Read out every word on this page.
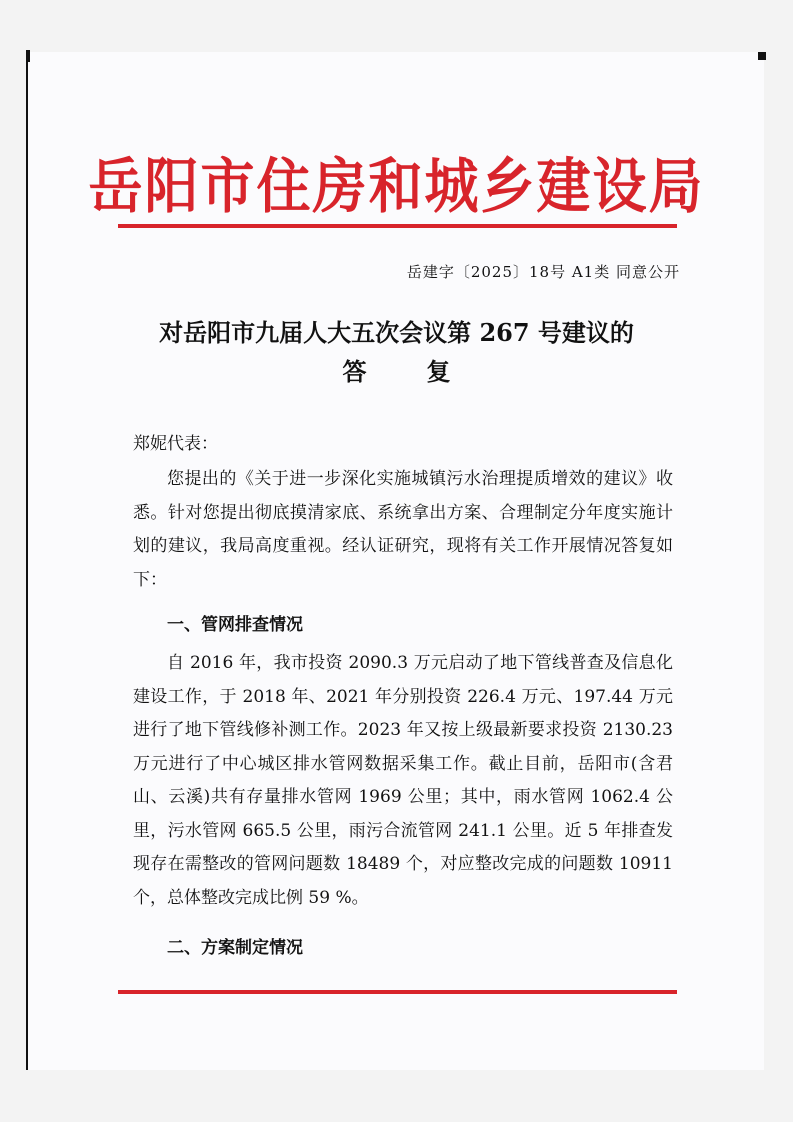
岳阳市住房和城乡建设局
岳建字〔2025〕18号 A1类 同意公开
对岳阳市九届人大五次会议第 267 号建议的
答复
郑妮代表：
您提出的《关于进一步深化实施城镇污水治理提质增效的建议》收悉。针对您提出彻底摸清家底、系统拿出方案、合理制定分年度实施计划的建议，我局高度重视。经认证研究，现将有关工作开展情况答复如下：
一、管网排查情况
自 2016 年，我市投资 2090.3 万元启动了地下管线普查及信息化建设工作，于 2018 年、2021 年分别投资 226.4 万元、197.44 万元进行了地下管线修补测工作。2023 年又按上级最新要求投资 2130.23 万元进行了中心城区排水管网数据采集工作。截止目前，岳阳市(含君山、云溪)共有存量排水管网 1969 公里；其中，雨水管网 1062.4 公里，污水管网 665.5 公里，雨污合流管网 241.1 公里。近 5 年排查发现存在需整改的管网问题数 18489 个，对应整改完成的问题数 10911 个，总体整改完成比例 59 %。
二、方案制定情况
